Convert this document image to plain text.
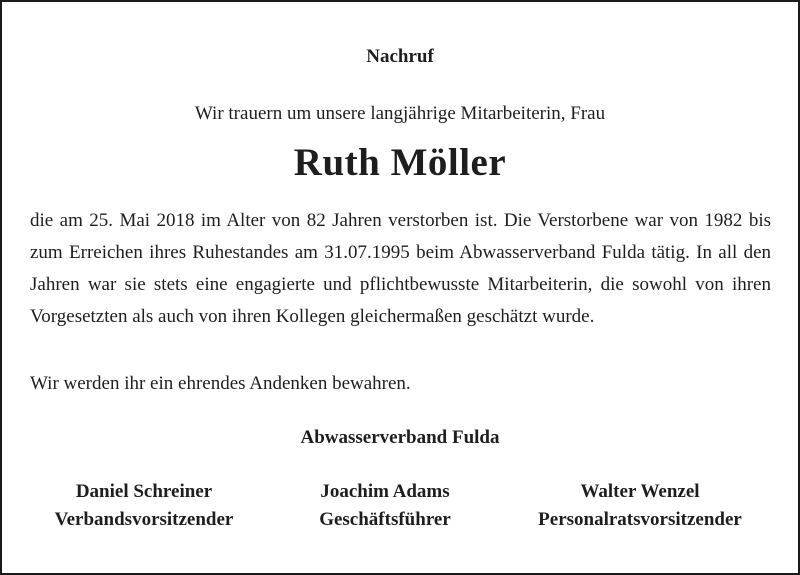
Nachruf
Wir trauern um unsere langjährige Mitarbeiterin, Frau
Ruth Möller

die am 25. Mai 2018 im Alter von 82 Jahren verstorben ist. Die Verstorbene war von 1982 bis zum Erreichen ihres Ruhestandes am 31.07.1995 beim Abwasserverband Fulda tätig. In all den Jahren war sie stets eine engagierte und pflichtbewusste Mitarbeiterin, die sowohl von ihren Vorgesetzten als auch von ihren Kollegen gleichermaßen geschätzt wurde.

Wir werden ihr ein ehrendes Andenken bewahren.
Abwasserverband Fulda
Daniel Schreiner
Verbandsvorsitzender
Joachim Adams
Geschäftsführer
Walter Wenzel
Personalratsvorsitzender
